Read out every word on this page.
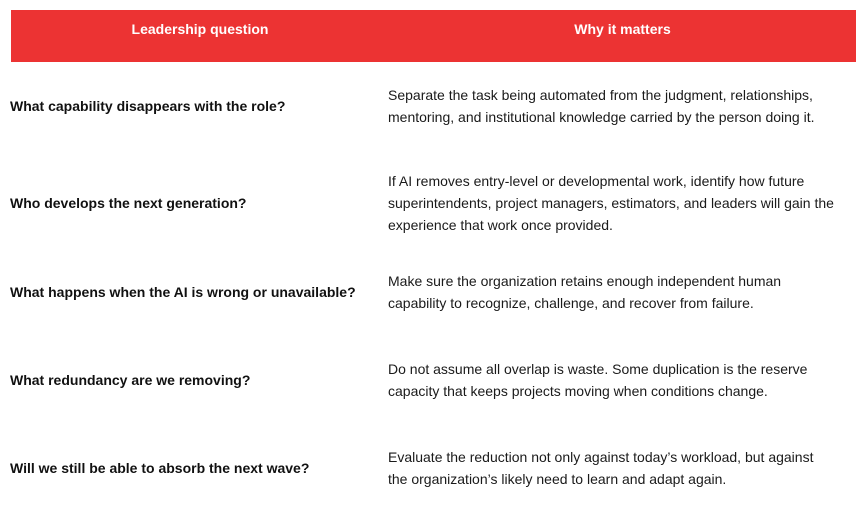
Leadership question	Why it matters
What capability disappears with the role?
Separate the task being automated from the judgment, relationships, mentoring, and institutional knowledge carried by the person doing it.
Who develops the next generation?
If AI removes entry-level or developmental work, identify how future superintendents, project managers, estimators, and leaders will gain the experience that work once provided.
What happens when the AI is wrong or unavailable?
Make sure the organization retains enough independent human capability to recognize, challenge, and recover from failure.
What redundancy are we removing?
Do not assume all overlap is waste. Some duplication is the reserve capacity that keeps projects moving when conditions change.
Will we still be able to absorb the next wave?
Evaluate the reduction not only against today’s workload, but against the organization’s likely need to learn and adapt again.
